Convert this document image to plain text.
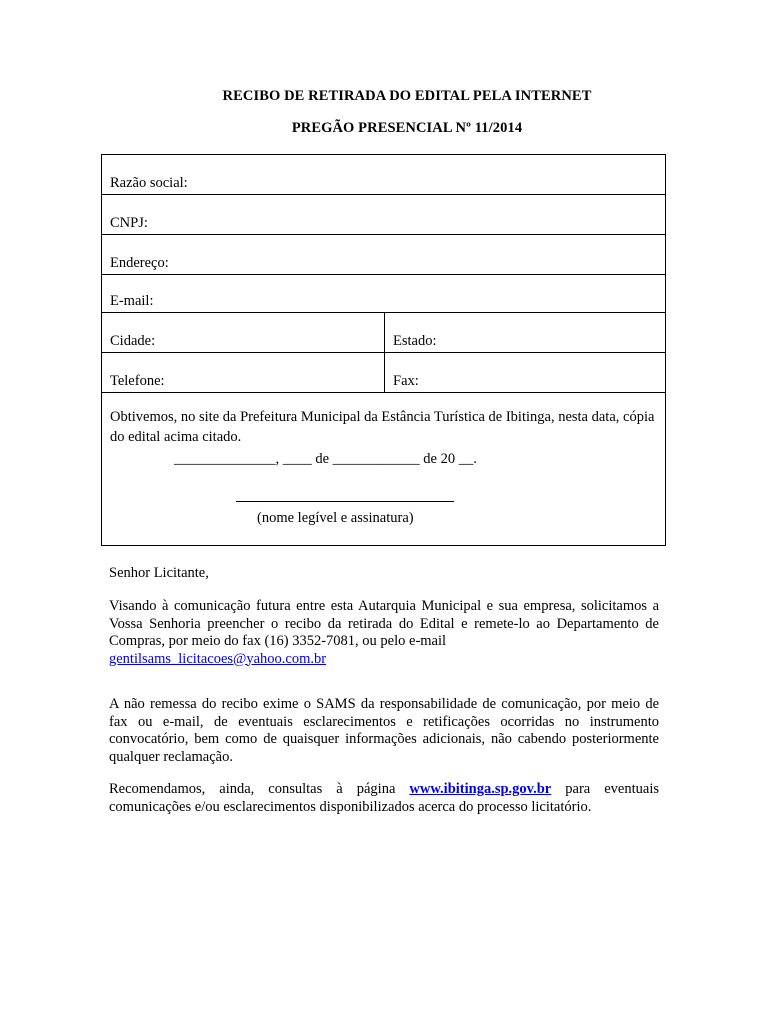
RECIBO DE RETIRADA DO EDITAL PELA INTERNET
PREGÃO PRESENCIAL Nº 11/2014
Razão social:
CNPJ:
Endereço:
E-mail:
Cidade:	Estado:
Telefone:	Fax:
Obtivemos, no site da Prefeitura Municipal da Estância Turística de Ibitinga, nesta data, cópia do edital acima citado.
______________, ____ de ____________ de 20 __.
(nome legível e assinatura)
Senhor Licitante,
Visando à comunicação futura entre esta Autarquia Municipal e sua empresa, solicitamos a Vossa Senhoria preencher o recibo da retirada do Edital e remete-lo ao Departamento de Compras, por meio do fax (16) 3352-7081, ou pelo e-mail
gentilsams_licitacoes@yahoo.com.br
A não remessa do recibo exime o SAMS da responsabilidade de comunicação, por meio de fax ou e-mail, de eventuais esclarecimentos e retificações ocorridas no instrumento convocatório, bem como de quaisquer informações adicionais, não cabendo posteriormente qualquer reclamação.
Recomendamos, ainda, consultas à página www.ibitinga.sp.gov.br para eventuais comunicações e/ou esclarecimentos disponibilizados acerca do processo licitatório.
